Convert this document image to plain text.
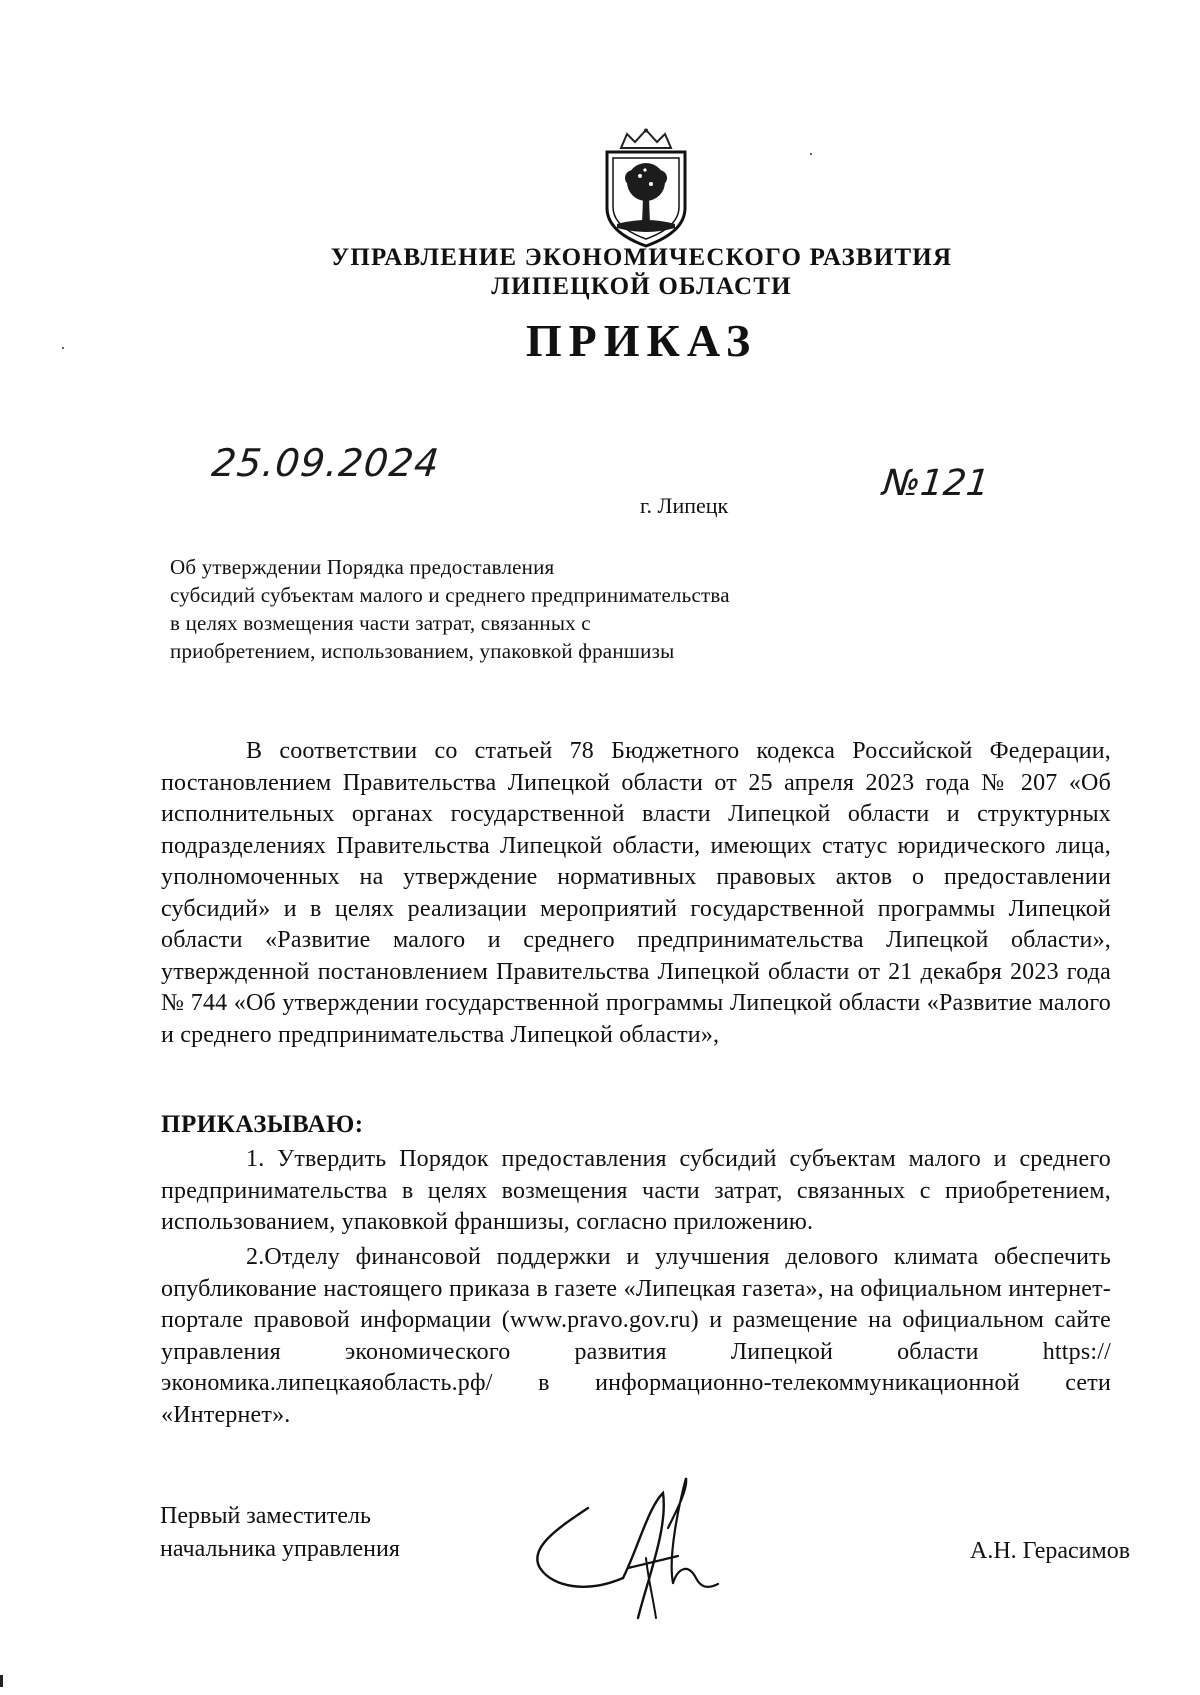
УПРАВЛЕНИЕ ЭКОНОМИЧЕСКОГО РАЗВИТИЯ
ЛИПЕЦКОЙ ОБЛАСТИ
ПРИКАЗ
25.09.2024	№121
г. Липецк
Об утверждении Порядка предоставления
субсидий субъектам малого и среднего предпринимательства
в целях возмещения части затрат, связанных с
приобретением, использованием, упаковкой франшизы
В соответствии со статьей 78 Бюджетного кодекса Российской Федерации, постановлением Правительства Липецкой области от 25 апреля 2023 года № 207 «Об исполнительных органах государственной власти Липецкой области и структурных подразделениях Правительства Липецкой области, имеющих статус юридического лица, уполномоченных на утверждение нормативных правовых актов о предоставлении субсидий» и в целях реализации мероприятий государственной программы Липецкой области «Развитие малого и среднего предпринимательства Липецкой области», утвержденной постановлением Правительства Липецкой области от 21 декабря 2023 года № 744 «Об утверждении государственной программы Липецкой области «Развитие малого и среднего предпринимательства Липецкой области»,
ПРИКАЗЫВАЮ:
1. Утвердить Порядок предоставления субсидий субъектам малого и среднего предпринимательства в целях возмещения части затрат, связанных с приобретением, использованием, упаковкой франшизы, согласно приложению.
2.Отделу финансовой поддержки и улучшения делового климата обеспечить опубликование настоящего приказа в газете «Липецкая газета», на официальном интернет-портале правовой информации (www.pravo.gov.ru) и размещение на официальном сайте управления экономического развития Липецкой области https://экономика.липецкаяобласть.рф/ в информационно-телекоммуникационной сети «Интернет».
Первый заместитель
начальника управления	А.Н. Герасимов
